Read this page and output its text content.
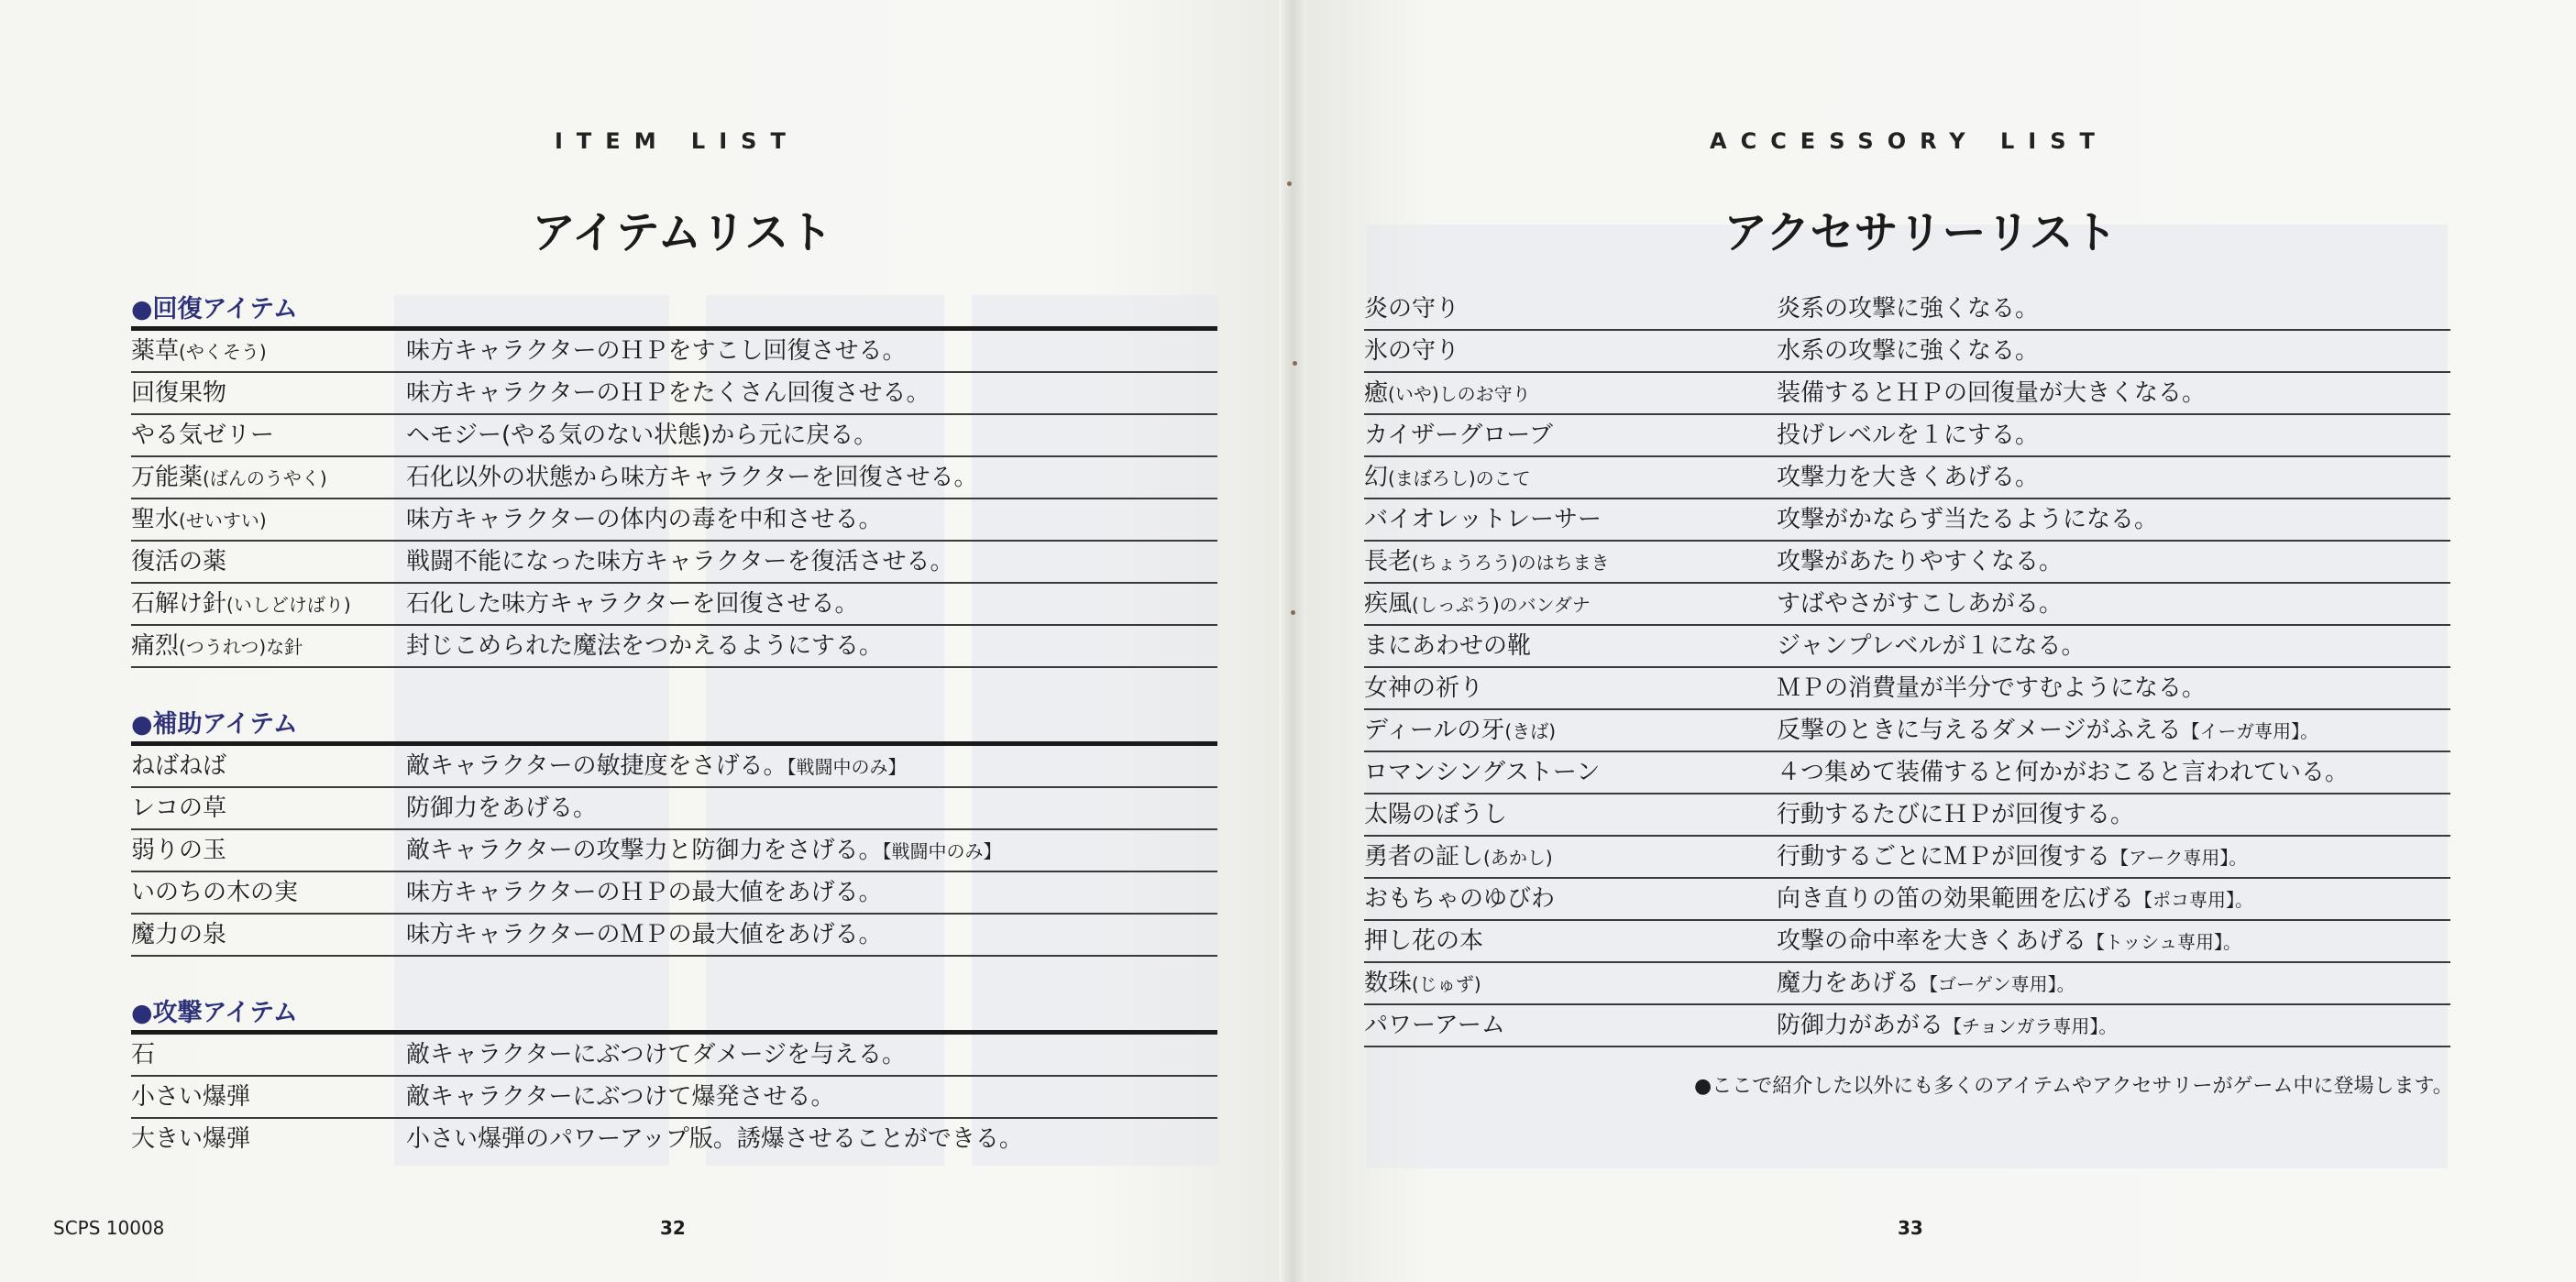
ITEM LIST
アイテムリスト
●回復アイテム
薬草(やくそう)	味方キャラクターのＨＰをすこし回復させる。
回復果物	味方キャラクターのＨＰをたくさん回復させる。
やる気ゼリー	ヘモジー(やる気のない状態)から元に戻る。
万能薬(ばんのうやく)	石化以外の状態から味方キャラクターを回復させる。
聖水(せいすい)	味方キャラクターの体内の毒を中和させる。
復活の薬	戦闘不能になった味方キャラクターを復活させる。
石解け針(いしどけばり)	石化した味方キャラクターを回復させる。
痛烈(つうれつ)な針	封じこめられた魔法をつかえるようにする。
●補助アイテム
ねばねば	敵キャラクターの敏捷度をさげる。【戦闘中のみ】
レコの草	防御力をあげる。
弱りの玉	敵キャラクターの攻撃力と防御力をさげる。【戦闘中のみ】
いのちの木の実	味方キャラクターのＨＰの最大値をあげる。
魔力の泉	味方キャラクターのＭＰの最大値をあげる。
●攻撃アイテム
石	敵キャラクターにぶつけてダメージを与える。
小さい爆弾	敵キャラクターにぶつけて爆発させる。
大きい爆弾	小さい爆弾のパワーアップ版。誘爆させることができる。
SCPS 10008	32
ACCESSORY LIST
アクセサリーリスト
炎の守り	炎系の攻撃に強くなる。
氷の守り	水系の攻撃に強くなる。
癒(いや)しのお守り	装備するとＨＰの回復量が大きくなる。
カイザーグローブ	投げレベルを１にする。
幻(まぼろし)のこて	攻撃力を大きくあげる。
バイオレットレーサー	攻撃がかならず当たるようになる。
長老(ちょうろう)のはちまき	攻撃があたりやすくなる。
疾風(しっぷう)のバンダナ	すばやさがすこしあがる。
まにあわせの靴	ジャンプレベルが１になる。
女神の祈り	ＭＰの消費量が半分ですむようになる。
ディールの牙(きば)	反撃のときに与えるダメージがふえる【イーガ専用】。
ロマンシングストーン	４つ集めて装備すると何かがおこると言われている。
太陽のぼうし	行動するたびにＨＰが回復する。
勇者の証し(あかし)	行動するごとにＭＰが回復する【アーク専用】。
おもちゃのゆびわ	向き直りの笛の効果範囲を広げる【ポコ専用】。
押し花の本	攻撃の命中率を大きくあげる【トッシュ専用】。
数珠(じゅず)	魔力をあげる【ゴーゲン専用】。
パワーアーム	防御力があがる【チョンガラ専用】。
●ここで紹介した以外にも多くのアイテムやアクセサリーがゲーム中に登場します。
33
